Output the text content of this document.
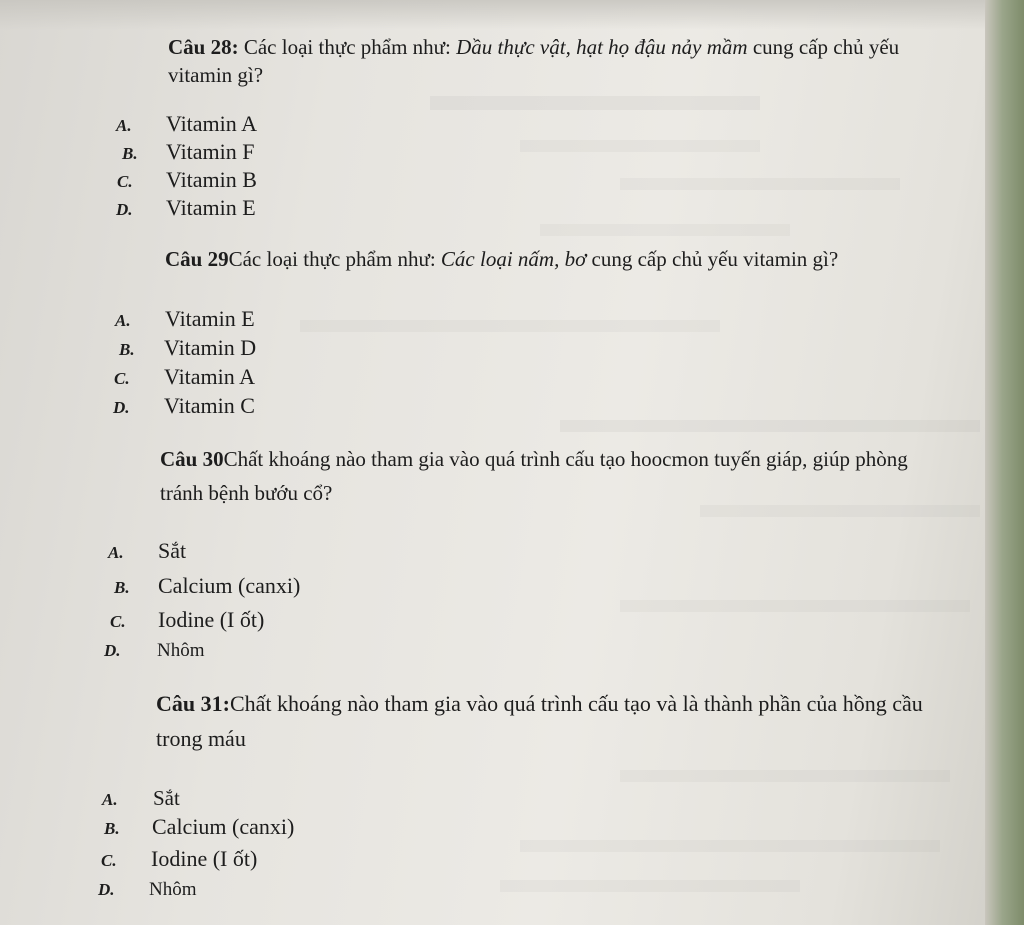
Câu 28: Các loại thực phẩm như: Dầu thực vật, hạt họ đậu nảy mầm cung cấp chủ yếu vitamin gì?
A. Vitamin A
B. Vitamin F
C. Vitamin B
D. Vitamin E
Câu 29Các loại thực phẩm như: Các loại nấm, bơ cung cấp chủ yếu vitamin gì?
A. Vitamin E
B. Vitamin D
C. Vitamin A
D. Vitamin C
Câu 30Chất khoáng nào tham gia vào quá trình cấu tạo hoocmon tuyến giáp, giúp phòng tránh bệnh bướu cổ?
A. Sắt
B. Calcium (canxi)
C. Iodine (I ốt)
D. Nhôm
Câu 31:Chất khoáng nào tham gia vào quá trình cấu tạo và là thành phần của hồng cầu trong máu
A. Sắt
B. Calcium (canxi)
C. Iodine (I ốt)
D. Nhôm
